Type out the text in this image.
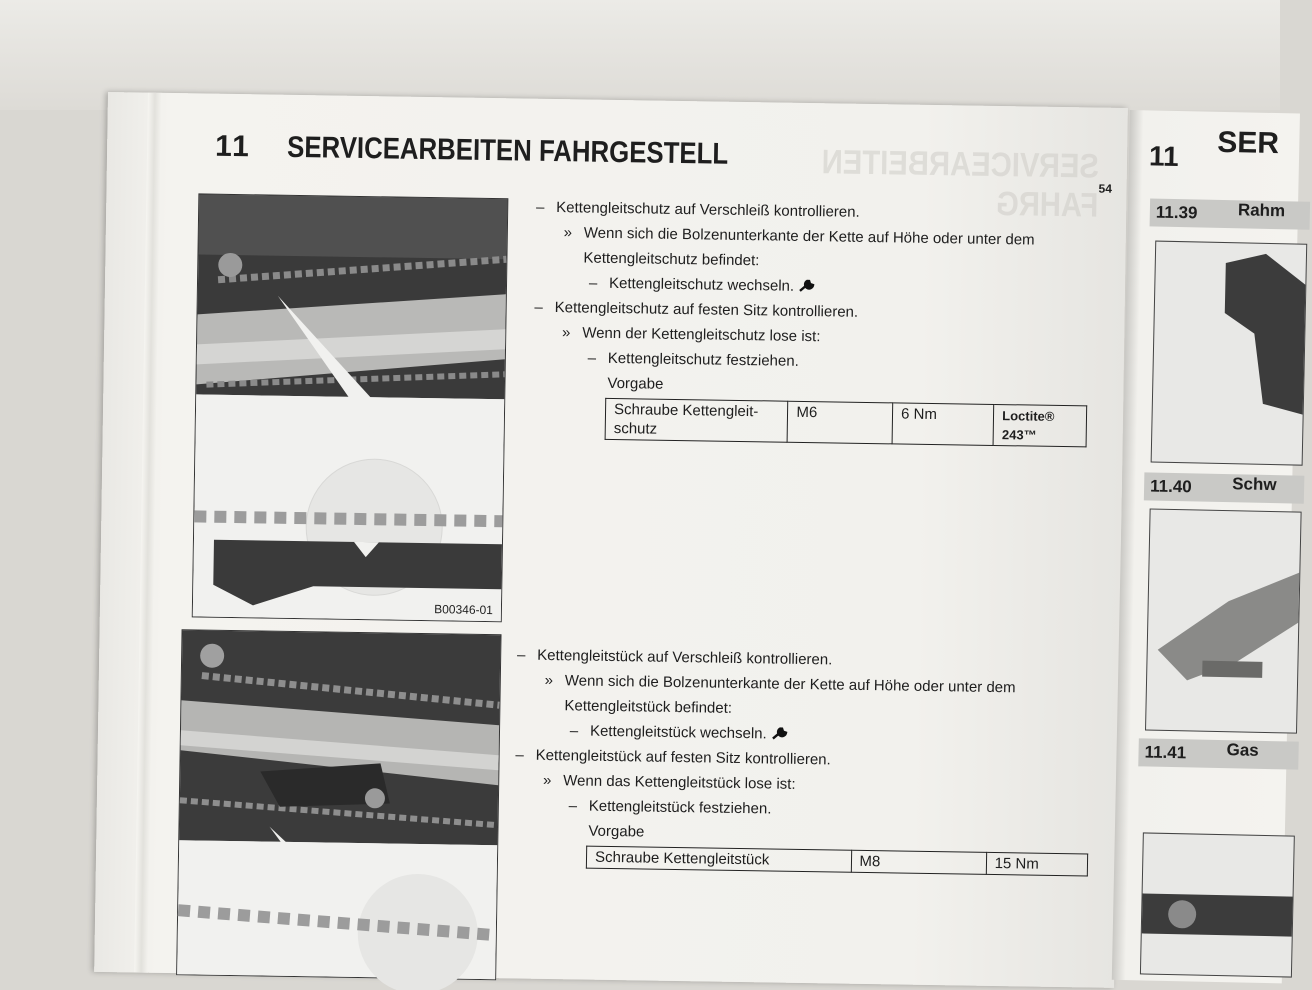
SERVICEARBEITEN FAHRG
11 SERVICEARBEITEN FAHRGESTELL
54
B00346-01
– Kettengleitschutz auf Verschleiß kontrollieren.
» Wenn sich die Bolzenunterkante der Kette auf Höhe oder unter dem Kettengleitschutz befindet:
– Kettengleitschutz wechseln.
– Kettengleitschutz auf festen Sitz kontrollieren.
» Wenn der Kettengleitschutz lose ist:
– Kettengleitschutz festziehen.
Vorgabe
Schraube Kettengleit-schutz	M6	6 Nm	Loctite® 243™
– Kettengleitstück auf Verschleiß kontrollieren.
» Wenn sich die Bolzenunterkante der Kette auf Höhe oder unter dem Kettengleitstück befindet:
– Kettengleitstück wechseln.
– Kettengleitstück auf festen Sitz kontrollieren.
» Wenn das Kettengleitstück lose ist:
– Kettengleitstück festziehen.
Vorgabe
Schraube Kettengleitstück	M8	15 Nm
11 SER
11.39 Rahm
11.40 Schw
11.41 Gas
